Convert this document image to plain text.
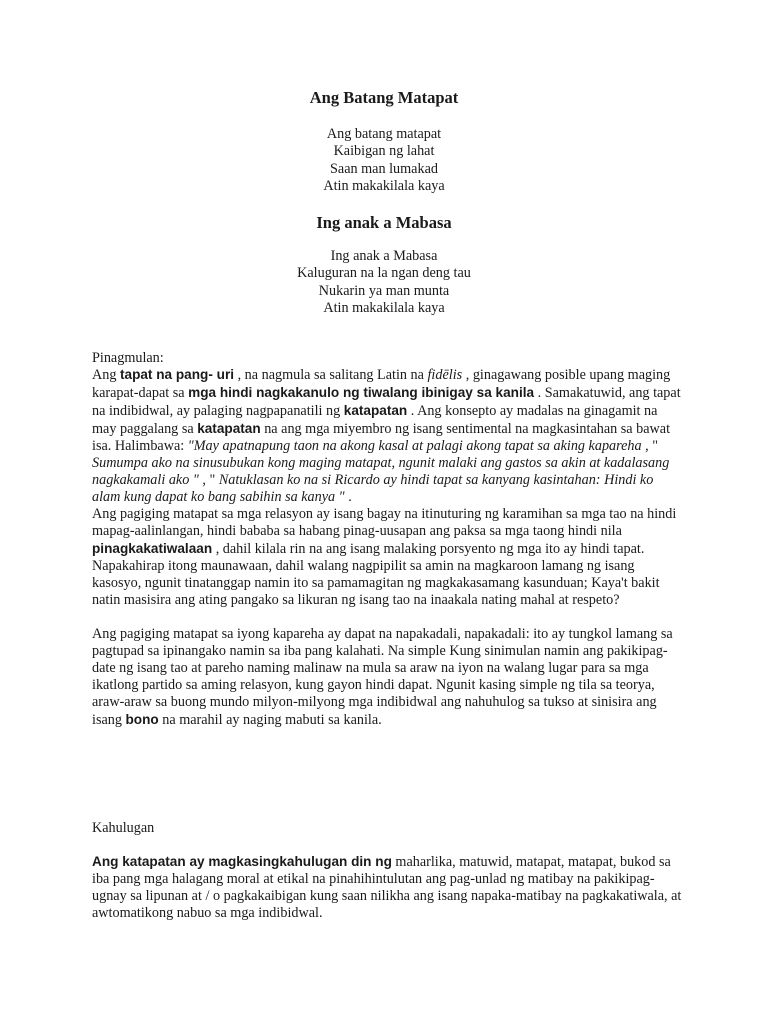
Ang Batang Matapat
Ang batang matapat
Kaibigan ng lahat
Saan man lumakad
Atin makakilala kaya
Ing anak a Mabasa
Ing anak a Mabasa
Kaluguran na la ngan deng tau
Nukarin ya man munta
Atin makakilala kaya
Pinagmulan:

Ang tapat na pang- uri , na nagmula sa salitang Latin na fidēlis , ginagawang posible upang maging karapat-dapat sa mga hindi nagkakanulo ng tiwalang ibinigay sa kanila . Samakatuwid, ang tapat na indibidwal, ay palaging nagpapanatili ng katapatan . Ang konsepto ay madalas na ginagamit na may paggalang sa katapatan na ang mga miyembro ng isang sentimental na magkasintahan sa bawat isa. Halimbawa: "May apatnapung taon na akong kasal at palagi akong tapat sa aking kapareha , " Sumumpa ako na sinusubukan kong maging matapat, ngunit malaki ang gastos sa akin at kadalasang nagkakamali ako " , " Natuklasan ko na si Ricardo ay hindi tapat sa kanyang kasintahan: Hindi ko alam kung dapat ko bang sabihin sa kanya " .

Ang pagiging matapat sa mga relasyon ay isang bagay na itinuturing ng karamihan sa mga tao na hindi mapag-aalinlangan, hindi bababa sa habang pinag-uusapan ang paksa sa mga taong hindi nila pinagkakatiwalaan , dahil kilala rin na ang isang malaking porsyento ng mga ito ay hindi tapat. Napakahirap itong maunawaan, dahil walang nagpipilit sa amin na magkaroon lamang ng isang kasosyo, ngunit tinatanggap namin ito sa pamamagitan ng magkakasamang kasunduan; Kaya't bakit natin masisira ang ating pangako sa likuran ng isang tao na inaakala nating mahal at respeto?

Ang pagiging matapat sa iyong kapareha ay dapat na napakadali, napakadali: ito ay tungkol lamang sa pagtupad sa ipinangako namin sa iba pang kalahati. Na simple Kung sinimulan namin ang pakikipag-date ng isang tao at pareho naming malinaw na mula sa araw na iyon na walang lugar para sa mga ikatlong partido sa aming relasyon, kung gayon hindi dapat. Ngunit kasing simple ng tila sa teorya, araw-araw sa buong mundo milyon-milyong mga indibidwal ang nahuhulog sa tukso at sinisira ang isang bono na marahil ay naging mabuti sa kanila.

Kahulugan

Ang katapatan ay magkasingkahulugan din ng maharlika, matuwid, matapat, matapat, bukod sa iba pang mga halagang moral at etikal na pinahihintulutan ang pag-unlad ng matibay na pakikipag-ugnay sa lipunan at / o pagkakaibigan kung saan nilikha ang isang napaka-matibay na pagkakatiwala, at awtomatikong nabuo sa mga indibidwal.
